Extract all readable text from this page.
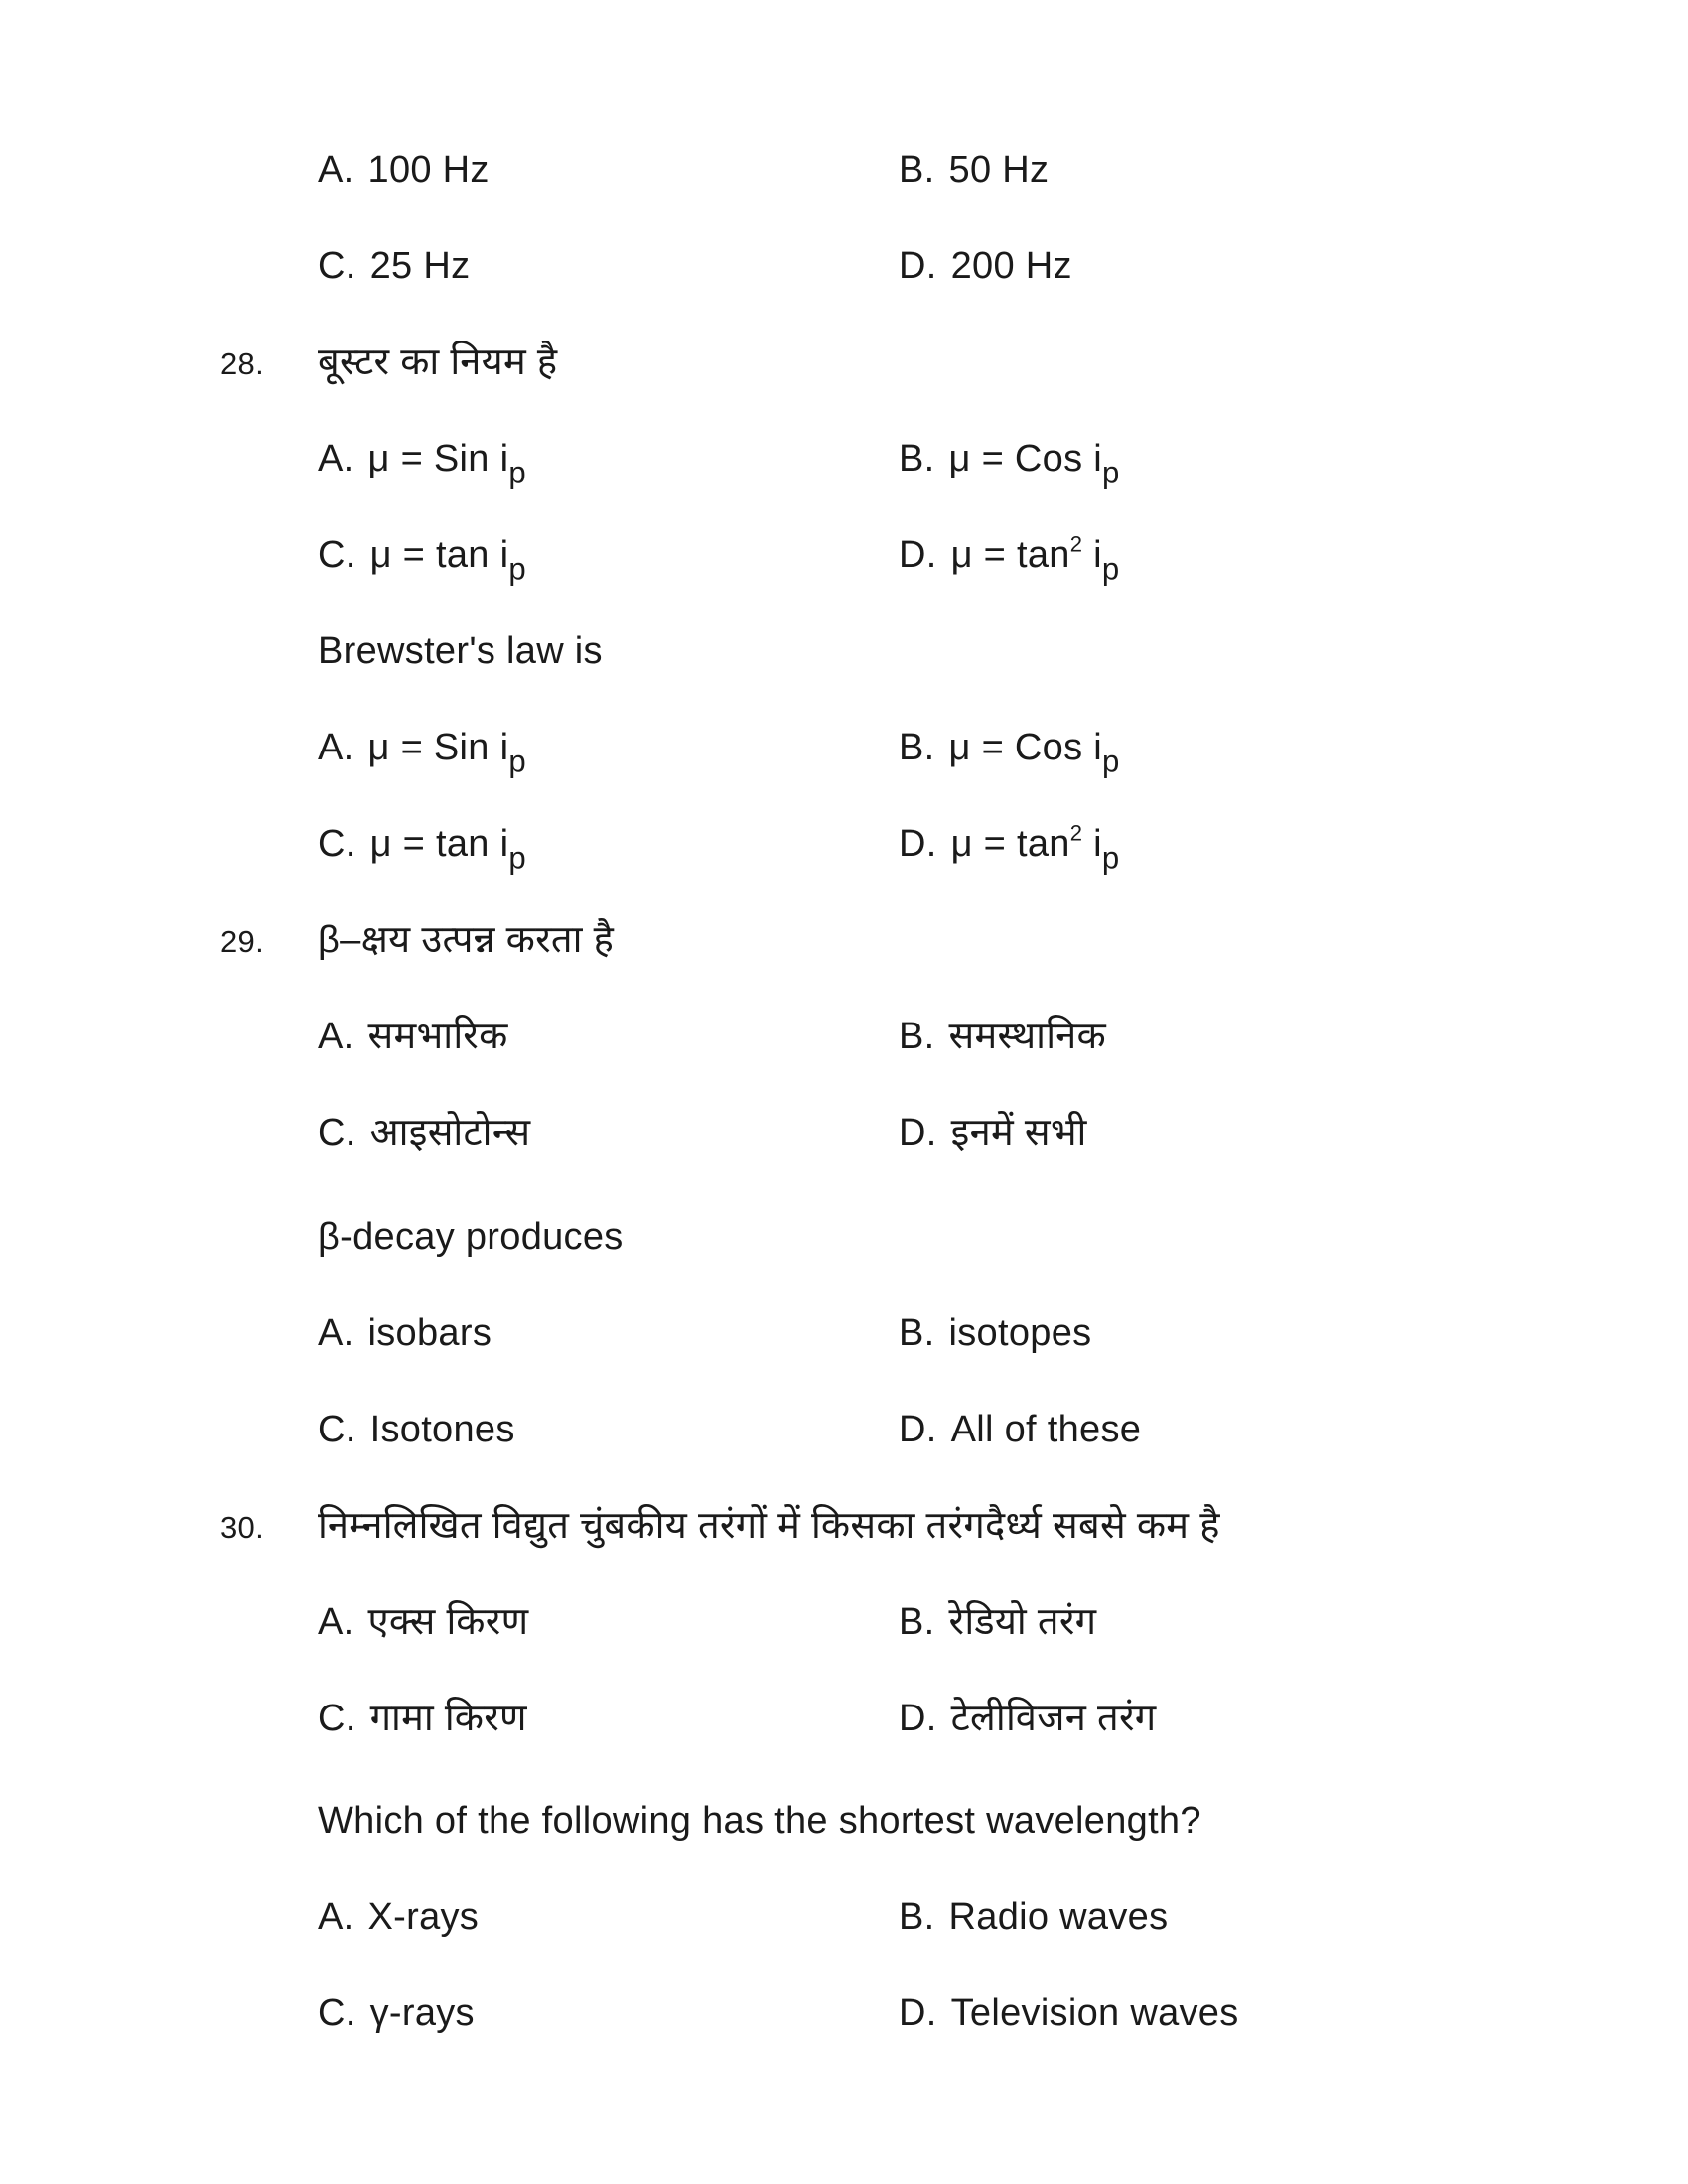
A. 100 Hz	B. 50 Hz
C. 25 Hz	D. 200 Hz
28.	बूस्टर का नियम है
A. μ = Sin $i_p$	B. μ = Cos $i_p$
C. $\mu = \tan i_p$	D. $\mu = \tan^2 i_p$
Brewster's law is
A. μ = Sin $i_p$	B. μ = Cos $i_p$
C. $\mu = \tan i_p$	D. $\mu = \tan^2 i_p$
29.	β–क्षय उत्पन्न करता है
A. समभारिक	B. समस्थानिक
C. आइसोटोन्स	D. इनमें सभी
β-decay produces
A. isobars	B. isotopes
C. Isotones	D. All of these
30.	निम्नलिखित विद्युत चुंबकीय तरंगों में किसका तरंगदैर्ध्य सबसे कम है
A. एक्स किरण	B. रेडियो तरंग
C. गामा किरण	D. टेलीविजन तरंग
Which of the following has the shortest wavelength?
A. X-rays	B. Radio waves
C. γ-rays	D. Television waves
